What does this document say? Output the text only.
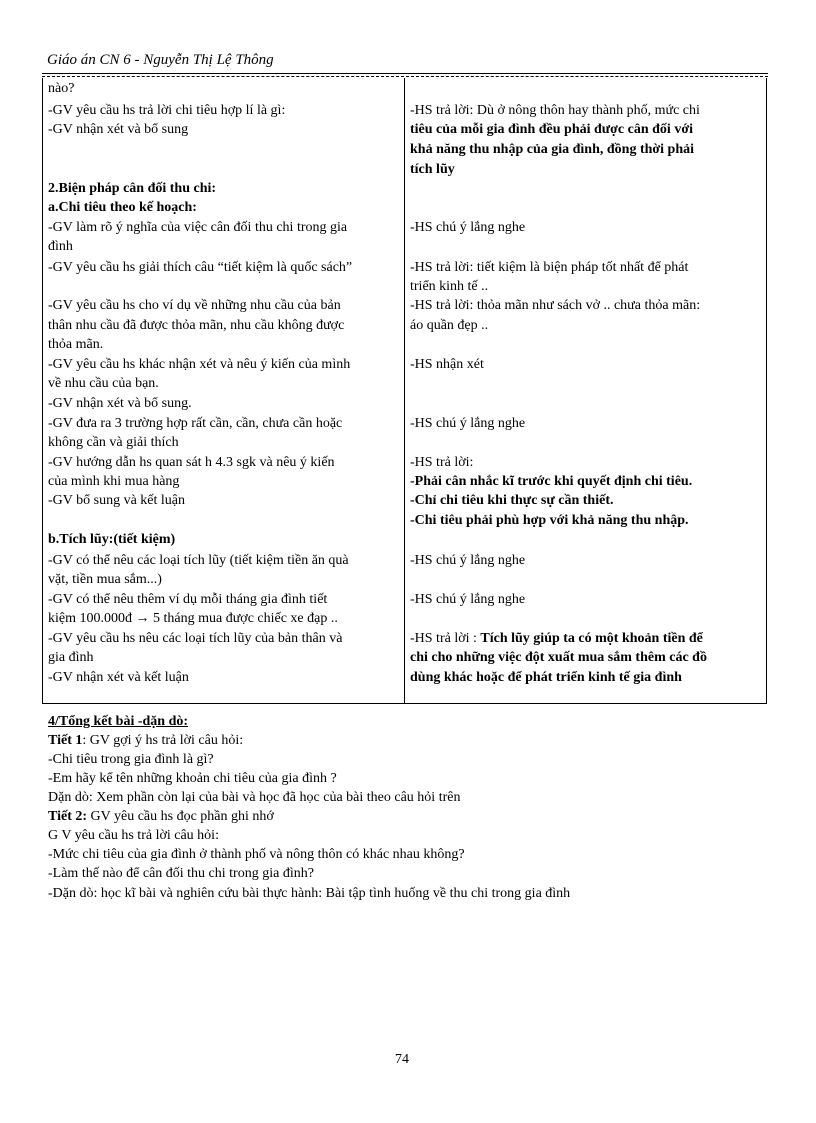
Giáo án CN 6 - Nguyễn Thị Lệ Thông
nào?
-GV yêu cầu hs trả lời chi tiêu hợp lí là gì:
-GV nhận xét và bổ sung
2.Biện pháp cân đối thu chi:
a.Chi tiêu theo kế hoạch:
-GV làm rõ ý nghĩa của việc cân đối thu chi trong gia
đình
-GV yêu cầu hs giải thích câu “tiết kiệm là quốc sách”
-GV yêu cầu hs cho ví dụ về những nhu cầu của bản
thân nhu cầu đã được thỏa mãn, nhu cầu không được
thỏa mãn.
-GV yêu cầu hs khác nhận xét và nêu ý kiến của mình
về nhu cầu của bạn.
-GV nhận xét và bổ sung.
-GV đưa ra 3 trường hợp rất cần, cần, chưa cần hoặc
không cần và giải thích
-GV hướng dẫn hs quan sát h 4.3 sgk và nêu ý kiến
của mình khi mua hàng
-GV bổ sung và kết luận
b.Tích lũy:(tiết kiệm)
-GV có thể nêu các loại tích lũy (tiết kiệm tiền ăn quà
vặt, tiền mua sắm...)
-GV có thể nêu thêm ví dụ mỗi tháng gia đình tiết
kiệm 100.000đ → 5 tháng mua được chiếc xe đạp ..
-GV yêu cầu hs nêu các loại tích lũy của bản thân và
gia đình
-GV nhận xét và kết luận
-HS trả lời: Dù ở nông thôn hay thành phố, mức chi
tiêu của mỗi gia đình đều phải được cân đối với
khả năng thu nhập của gia đình, đồng thời phải
tích lũy
-HS chú ý lắng nghe
-HS trả lời: tiết kiệm là biện pháp tốt nhất để phát
triển kinh tế ..
-HS trả lời: thỏa mãn như sách vở .. chưa thỏa mãn:
áo quần đẹp ..
-HS nhận xét
-HS chú ý lắng nghe
-HS trả lời:
-Phải cân nhắc kĩ trước khi quyết định chi tiêu.
-Chỉ chi tiêu khi thực sự cần thiết.
-Chi tiêu phải phù hợp với khả năng thu nhập.
-HS chú ý lắng nghe
-HS chú ý lắng nghe
-HS trả lời : Tích lũy giúp ta có một khoản tiền để
chi cho những việc đột xuất mua sắm thêm các đồ
dùng khác hoặc để phát triển kinh tế gia đình
4/Tổng kết bài -dặn dò:
Tiết 1: GV gợi ý hs trả lời câu hỏi:
-Chi tiêu trong gia đình là gì?
-Em hãy kể tên những khoản chi tiêu của gia đình ?
Dặn dò: Xem phần còn lại của bài và học đã học của bài theo câu hỏi trên
Tiết 2: GV yêu cầu hs đọc phần ghi nhớ
G V yêu cầu hs trả lời câu hỏi:
-Mức chi tiêu của gia đình ở thành phố và nông thôn có khác nhau không?
-Làm thế nào để cân đối thu chi trong gia đình?
-Dặn dò: học kĩ bài và nghiên cứu bài thực hành: Bài tập tình huống về thu chi trong gia đình
74
